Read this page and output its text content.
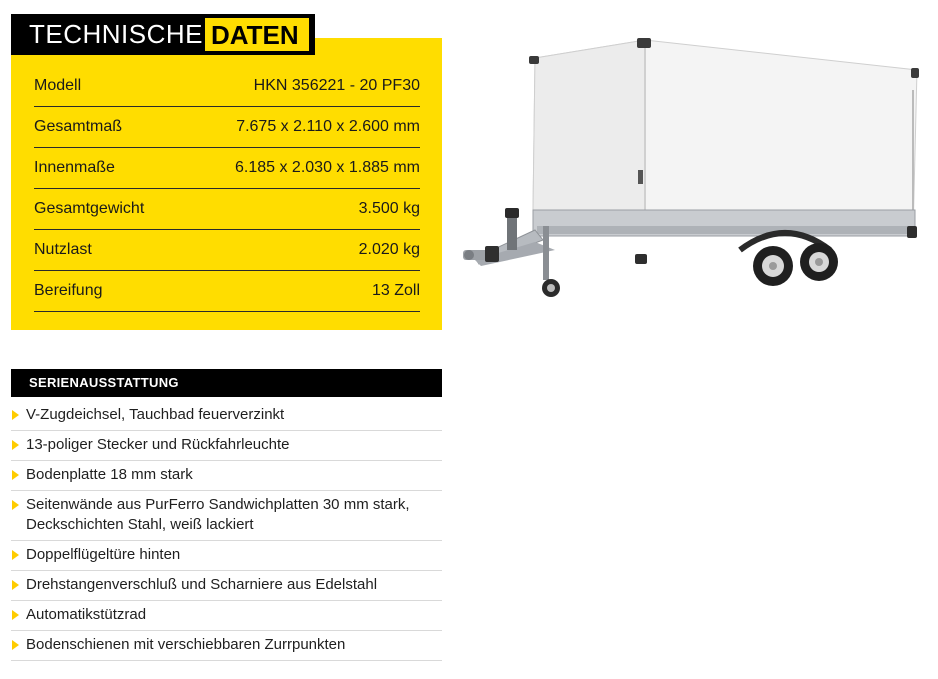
Modell	HKN 356221 - 20 PF30
Gesamtmaß	7.675 x 2.110 x 2.600 mm
Innenmaße	6.185 x 2.030 x 1.885 mm
Gesamtgewicht	3.500 kg
Nutzlast	2.020 kg
Bereifung	13 Zoll
TECHNISCHE DATEN
SERIENAUSSTATTUNG
V-Zugdeichsel, Tauchbad feuerverzinkt
13-poliger Stecker und Rückfahrleuchte
Bodenplatte 18 mm stark
Seitenwände aus PurFerro Sandwichplatten 30 mm stark,
Deckschichten Stahl, weiß lackiert
Doppelflügeltüre hinten
Drehstangenverschluß und Scharniere aus Edelstahl
Automatikstützrad
Bodenschienen mit verschiebbaren Zurrpunkten
